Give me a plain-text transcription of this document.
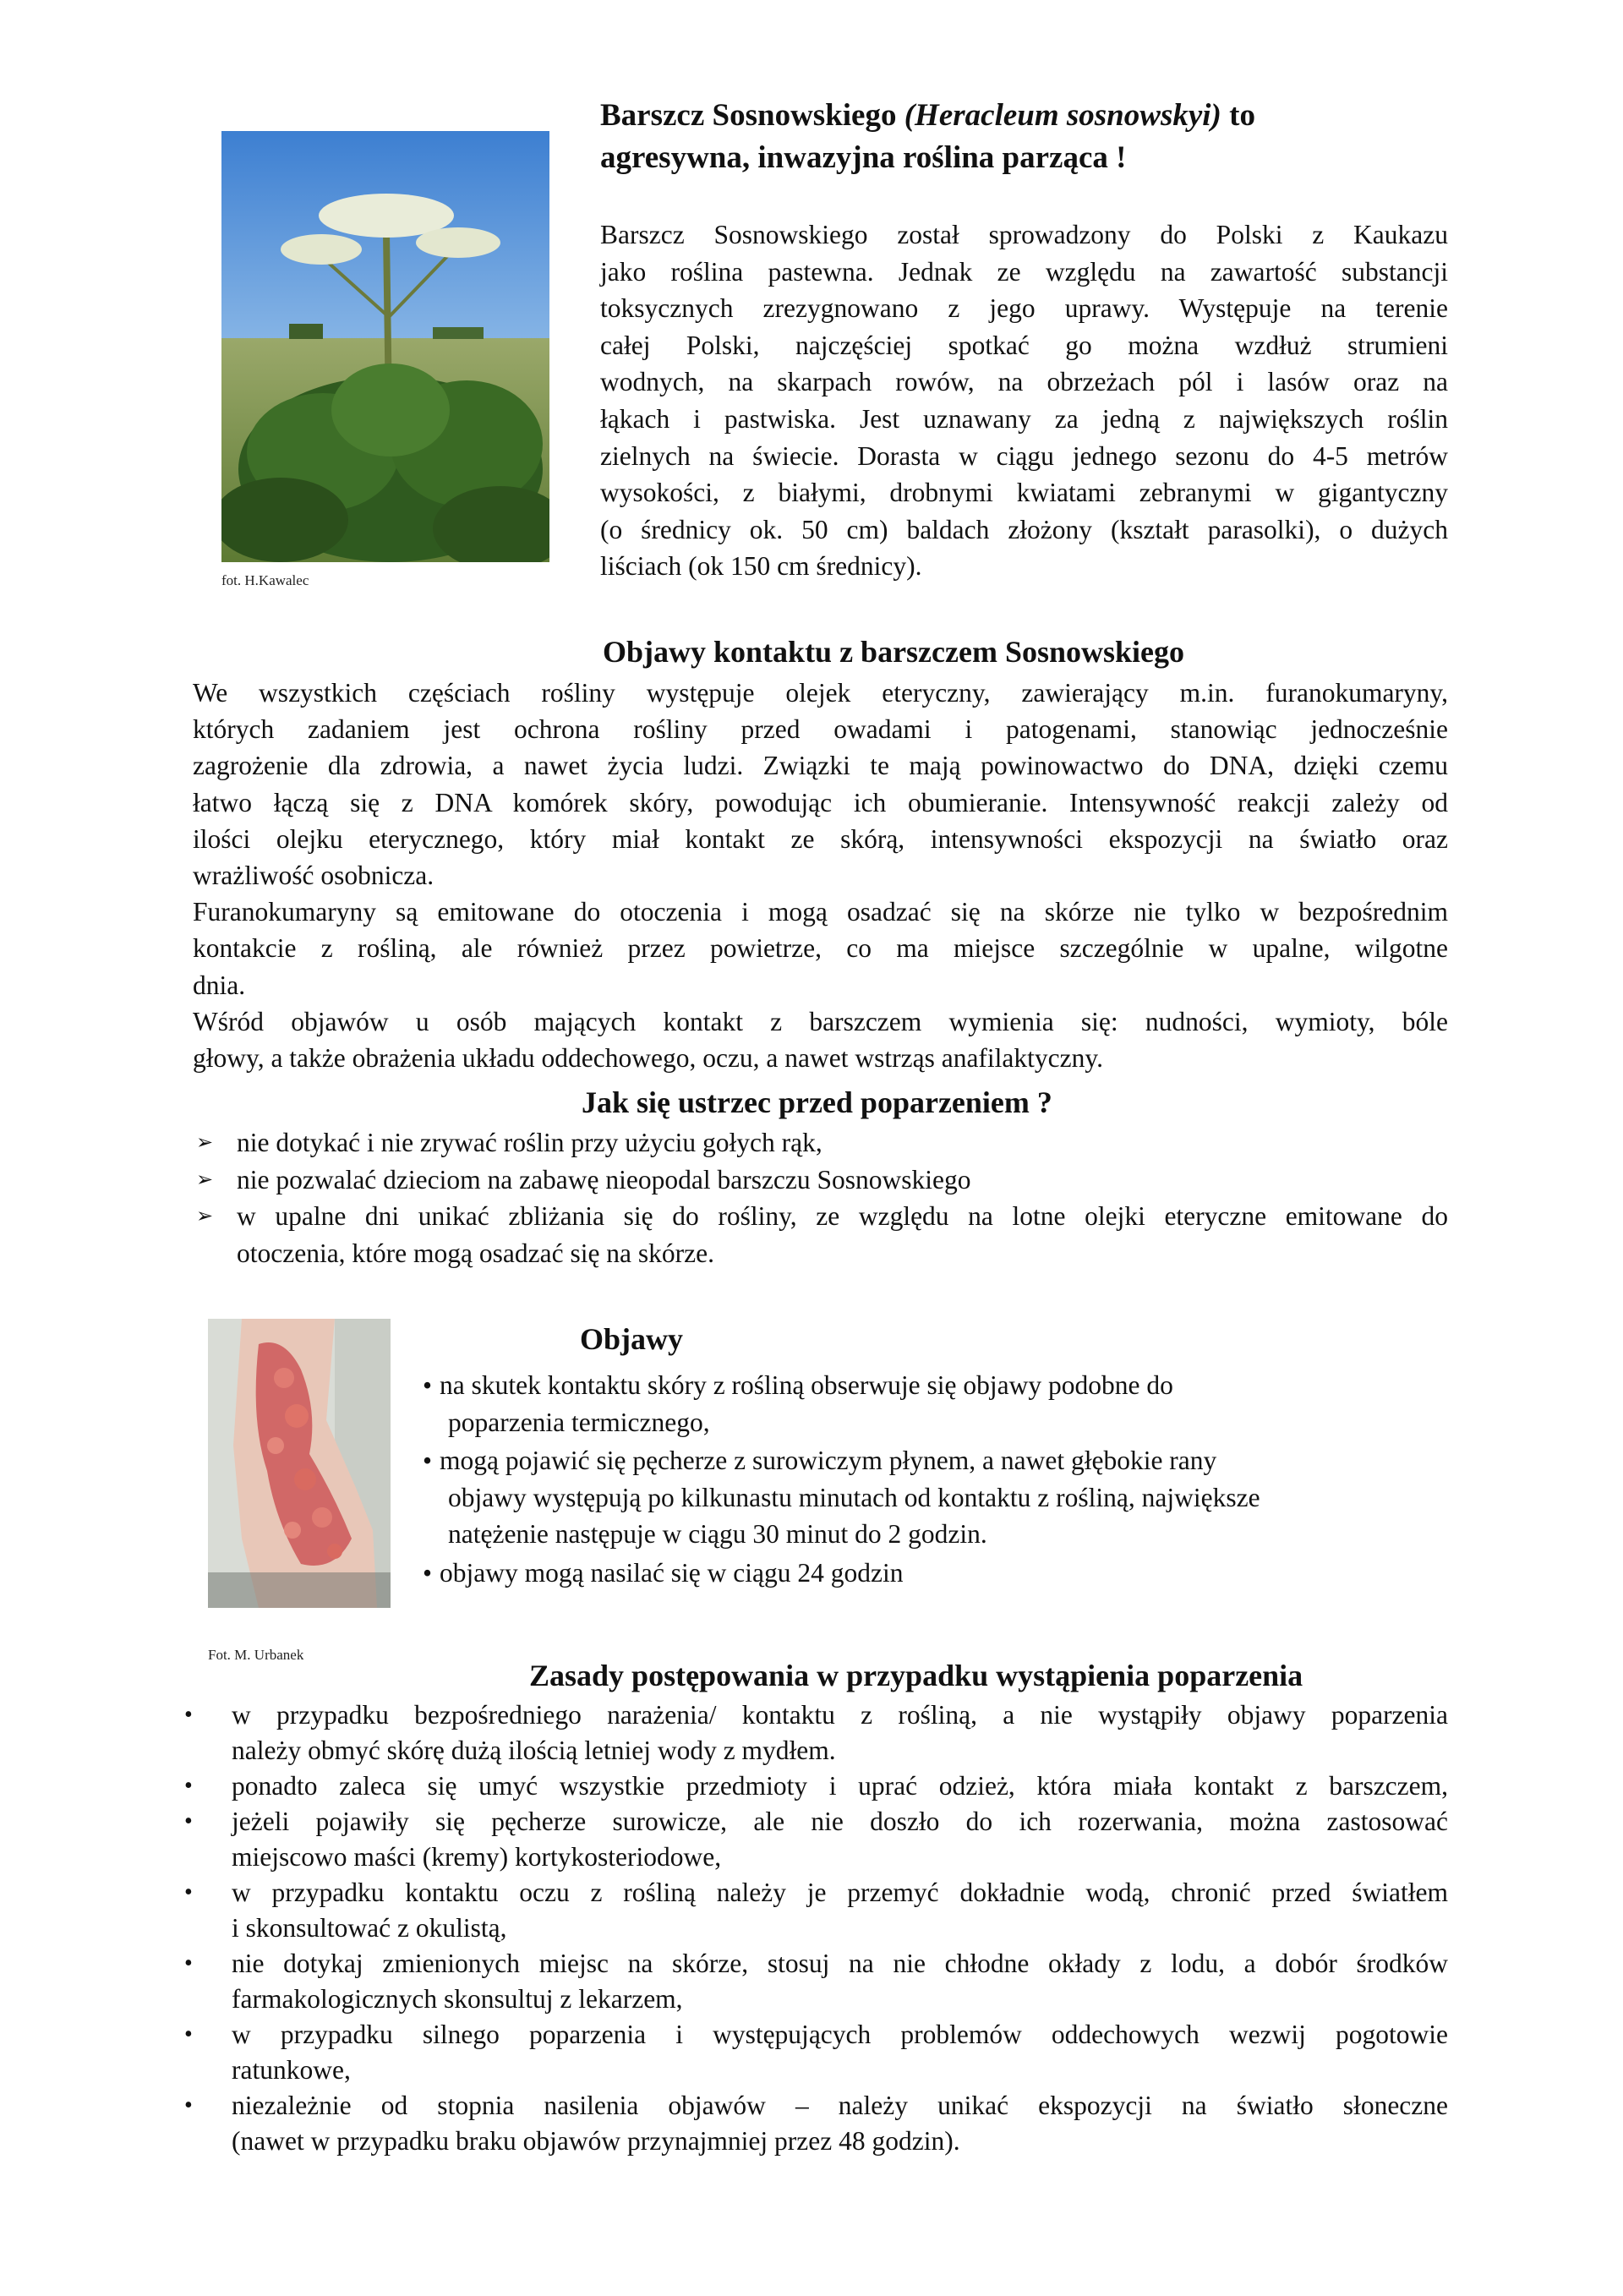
fot. H.Kawalec
Barszcz Sosnowskiego (Heracleum sosnowskyi) to
agresywna, inwazyjna roślina parząca !
Barszcz Sosnowskiego został sprowadzony do Polski z Kaukazu
jako roślina pastewna. Jednak ze względu na zawartość substancji
toksycznych zrezygnowano z jego uprawy. Występuje na terenie
całej Polski, najczęściej spotkać go można wzdłuż strumieni
wodnych, na skarpach rowów, na obrzeżach pól i lasów oraz na
łąkach i pastwiska. Jest uznawany za jedną z największych roślin
zielnych na świecie. Dorasta w ciągu jednego sezonu do 4-5 metrów
wysokości, z białymi, drobnymi kwiatami zebranymi w gigantyczny
(o średnicy ok. 50 cm) baldach złożony (kształt parasolki), o dużych
liściach (ok 150 cm średnicy).
Objawy kontaktu z barszczem Sosnowskiego
We wszystkich częściach rośliny występuje olejek eteryczny, zawierający m.in. furanokumaryny,
których zadaniem jest ochrona rośliny przed owadami i patogenami, stanowiąc jednocześnie
zagrożenie dla zdrowia, a nawet życia ludzi. Związki te mają powinowactwo do DNA, dzięki czemu
łatwo łączą się z DNA komórek skóry, powodując ich obumieranie. Intensywność reakcji zależy od
ilości olejku eterycznego, który miał kontakt ze skórą, intensywności ekspozycji na światło oraz
wrażliwość osobnicza.
Furanokumaryny są emitowane do otoczenia i mogą osadzać się na skórze nie tylko w bezpośrednim
kontakcie z rośliną, ale również przez powietrze, co ma miejsce szczególnie w upalne, wilgotne
dnia.
Wśród objawów u osób mających kontakt z barszczem wymienia się: nudności, wymioty, bóle
głowy, a także obrażenia układu oddechowego, oczu, a nawet wstrząs anafilaktyczny.
Jak się ustrzec przed poparzeniem ?
➢ nie dotykać i nie zrywać roślin przy użyciu gołych rąk,
➢ nie pozwalać dzieciom na zabawę nieopodal barszczu Sosnowskiego
➢ w upalne dni unikać zbliżania się do rośliny, ze względu na lotne olejki eteryczne emitowane do
otoczenia, które mogą osadzać się na skórze.
Fot. M. Urbanek
Objawy
• na skutek kontaktu skóry z rośliną obserwuje się objawy podobne do
poparzenia termicznego,
• mogą pojawić się pęcherze z surowiczym płynem, a nawet głębokie rany
objawy występują po kilkunastu minutach od kontaktu z rośliną, największe
natężenie następuje w ciągu 30 minut do 2 godzin.
• objawy mogą nasilać się w ciągu 24 godzin
Zasady postępowania w przypadku wystąpienia poparzenia
• w przypadku bezpośredniego narażenia/ kontaktu z rośliną, a nie wystąpiły objawy poparzenia
należy obmyć skórę dużą ilością letniej wody z mydłem.
• ponadto zaleca się umyć wszystkie przedmioty i uprać odzież, która miała kontakt z barszczem,
• jeżeli pojawiły się pęcherze surowicze, ale nie doszło do ich rozerwania, można zastosować
miejscowo maści (kremy) kortykosteriodowe,
• w przypadku kontaktu oczu z rośliną należy je przemyć dokładnie wodą, chronić przed światłem
i skonsultować z okulistą,
• nie dotykaj zmienionych miejsc na skórze, stosuj na nie chłodne okłady z lodu, a dobór środków
farmakologicznych skonsultuj z lekarzem,
• w przypadku silnego poparzenia i występujących problemów oddechowych wezwij pogotowie
ratunkowe,
• niezależnie od stopnia nasilenia objawów – należy unikać ekspozycji na światło słoneczne
(nawet w przypadku braku objawów przynajmniej przez 48 godzin).
